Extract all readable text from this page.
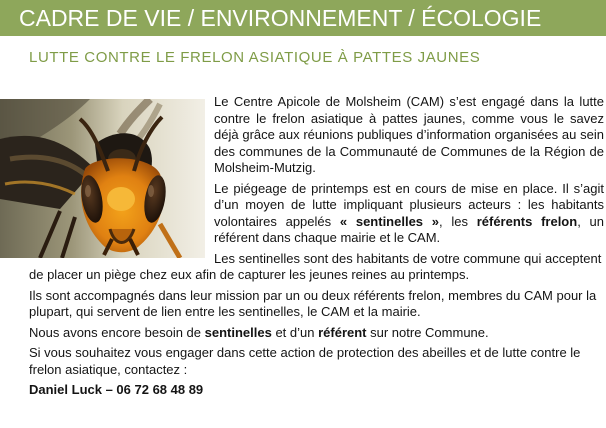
CADRE DE VIE / ENVIRONNEMENT / ÉCOLOGIE
LUTTE CONTRE LE FRELON ASIATIQUE À PATTES JAUNES

Le Centre Apicole de Molsheim (CAM) s’est engagé dans la lutte contre le frelon asiatique à pattes jaunes, comme vous le savez déjà grâce aux réunions publiques d’information organisées au sein des communes de la Communauté de Communes de la Région de Molsheim-Mutzig.

Le piégeage de printemps est en cours de mise en place. Il s’agit d’un moyen de lutte impliquant plusieurs acteurs : les habitants volontaires appelés « sentinelles », les référents frelon, un référent dans chaque mairie et le CAM.

Les sentinelles sont des habitants de votre commune qui acceptent de placer un piège chez eux afin de capturer les jeunes reines au printemps.

Ils sont accompagnés dans leur mission par un ou deux référents frelon, membres du CAM pour la plupart, qui servent de lien entre les sentinelles, le CAM et la mairie.

Nous avons encore besoin de sentinelles et d’un référent sur notre Commune.

Si vous souhaitez vous engager dans cette action de protection des abeilles et de lutte contre le frelon asiatique, contactez :

Daniel Luck – 06 72 68 48 89
